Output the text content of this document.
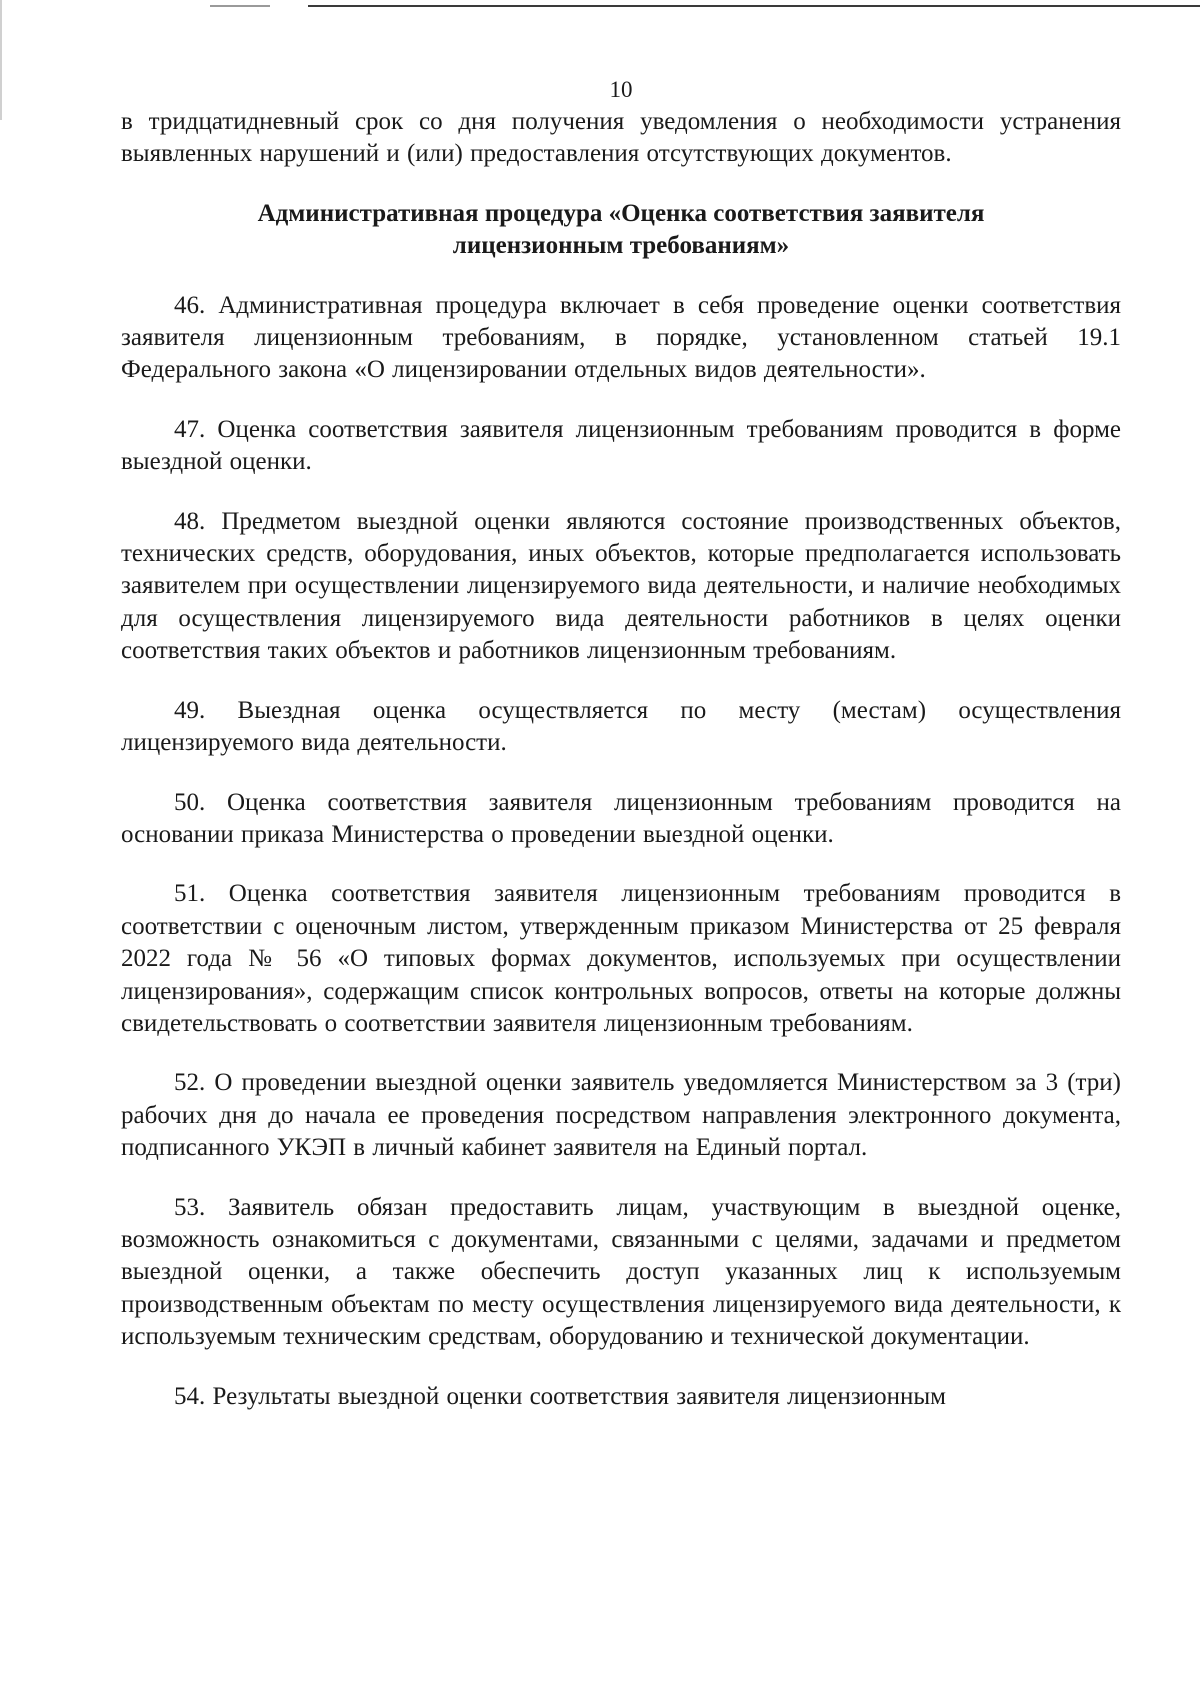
10

в тридцатидневный срок со дня получения уведомления о необходимости устранения выявленных нарушений и (или) предоставления отсутствующих документов.

Административная процедура «Оценка соответствия заявителя

лицензионным требованиям»

46. Административная процедура включает в себя проведение оценки соответствия заявителя лицензионным требованиям, в порядке, установленном статьей 19.1 Федерального закона «О лицензировании отдельных видов деятельности».

47. Оценка соответствия заявителя лицензионным требованиям проводится в форме выездной оценки.

48. Предметом выездной оценки являются состояние производственных объектов, технических средств, оборудования, иных объектов, которые предполагается использовать заявителем при осуществлении лицензируемого вида деятельности, и наличие необходимых для осуществления лицензируемого вида деятельности работников в целях оценки соответствия таких объектов и работников лицензионным требованиям.

49. Выездная оценка осуществляется по месту (местам) осуществления лицензируемого вида деятельности.

50. Оценка соответствия заявителя лицензионным требованиям проводится на основании приказа Министерства о проведении выездной оценки.

51. Оценка соответствия заявителя лицензионным требованиям проводится в соответствии с оценочным листом, утвержденным приказом Министерства от 25 февраля 2022 года № 56 «О типовых формах документов, используемых при осуществлении лицензирования», содержащим список контрольных вопросов, ответы на которые должны свидетельствовать о соответствии заявителя лицензионным требованиям.

52. О проведении выездной оценки заявитель уведомляется Министерством за 3 (три) рабочих дня до начала ее проведения посредством направления электронного документа, подписанного УКЭП в личный кабинет заявителя на Единый портал.

53. Заявитель обязан предоставить лицам, участвующим в выездной оценке, возможность ознакомиться с документами, связанными с целями, задачами и предметом выездной оценки, а также обеспечить доступ указанных лиц к используемым производственным объектам по месту осуществления лицензируемого вида деятельности, к используемым техническим средствам, оборудованию и технической документации.

54. Результаты выездной оценки соответствия заявителя лицензионным
